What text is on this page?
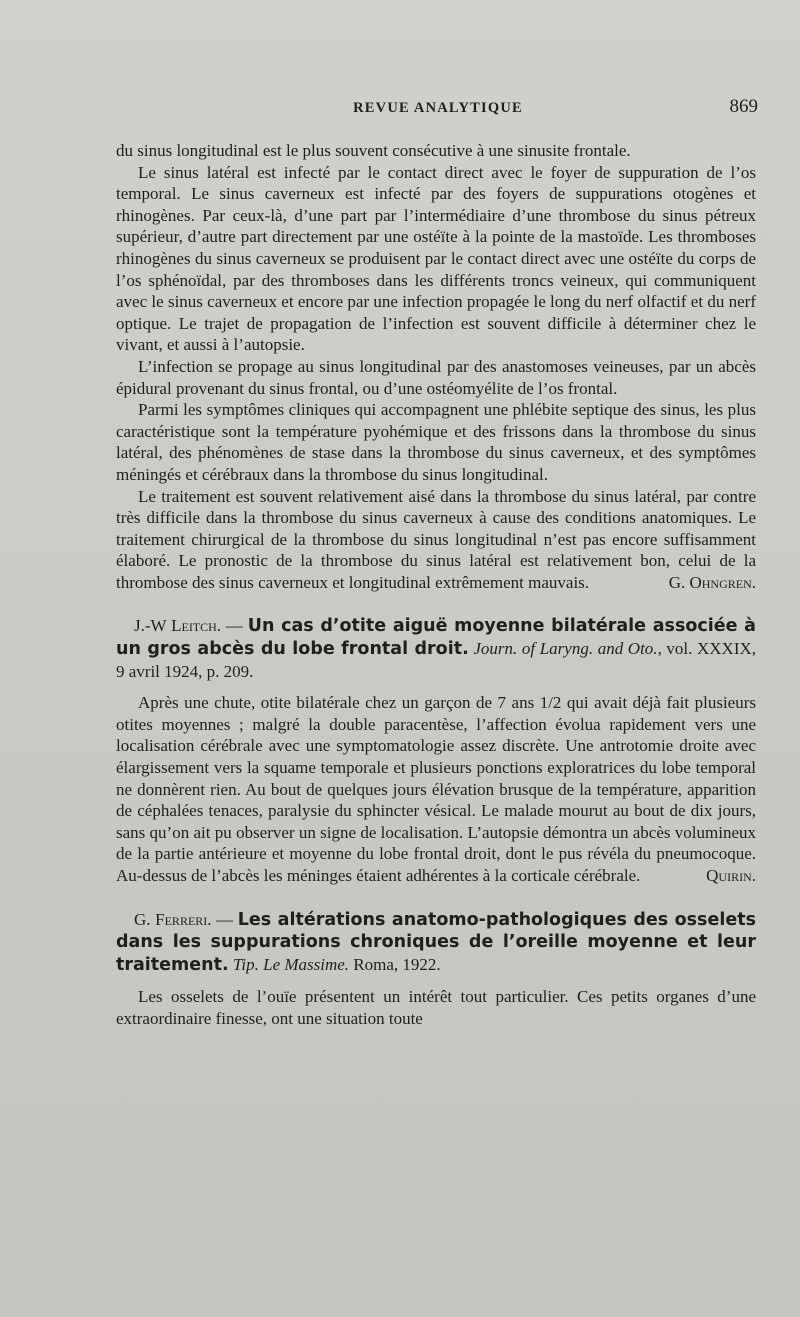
REVUE ANALYTIQUE	869

du sinus longitudinal est le plus souvent consécutive à une sinusite frontale.

Le sinus latéral est infecté par le contact direct avec le foyer de suppuration de l’os temporal. Le sinus caverneux est infecté par des foyers de suppurations otogènes et rhinogènes. Par ceux-là, d’une part par l’intermédiaire d’une thrombose du sinus pétreux supérieur, d’autre part directement par une ostéïte à la pointe de la mastoïde. Les thromboses rhinogènes du sinus caverneux se produisent par le contact direct avec une ostéïte du corps de l’os sphénoïdal, par des thromboses dans les différents troncs veineux, qui communiquent avec le sinus caverneux et encore par une infection propagée le long du nerf olfactif et du nerf optique. Le trajet de propagation de l’infection est souvent difficile à déterminer chez le vivant, et aussi à l’autopsie.

L’infection se propage au sinus longitudinal par des anastomoses veineuses, par un abcès épidural provenant du sinus frontal, ou d’une ostéomyélite de l’os frontal.

Parmi les symptômes cliniques qui accompagnent une phlébite septique des sinus, les plus caractéristique sont la température pyohémique et des frissons dans la thrombose du sinus latéral, des phénomènes de stase dans la thrombose du sinus caverneux, et des symptômes méningés et cérébraux dans la thrombose du sinus longitudinal.

Le traitement est souvent relativement aisé dans la thrombose du sinus latéral, par contre très difficile dans la thrombose du sinus caverneux à cause des conditions anatomiques. Le traitement chirurgical de la thrombose du sinus longitudinal n’est pas encore suffisamment élaboré. Le pronostic de la thrombose du sinus latéral est relativement bon, celui de la thrombose des sinus caverneux et longitudinal extrêmement mauvais.	G. Ohngren.

J.-W Leitch. — Un cas d’otite aiguë moyenne bilatérale associée à un gros abcès du lobe frontal droit. Journ. of Laryng. and Oto., vol. XXXIX, 9 avril 1924, p. 209.

Après une chute, otite bilatérale chez un garçon de 7 ans 1/2 qui avait déjà fait plusieurs otites moyennes ; malgré la double paracentèse, l’affection évolua rapidement vers une localisation cérébrale avec une symptomatologie assez discrète. Une antrotomie droite avec élargissement vers la squame temporale et plusieurs ponctions exploratrices du lobe temporal ne donnèrent rien. Au bout de quelques jours élévation brusque de la température, apparition de céphalées tenaces, paralysie du sphincter vésical. Le malade mourut au bout de dix jours, sans qu’on ait pu observer un signe de localisation. L’autopsie démontra un abcès volumineux de la partie antérieure et moyenne du lobe frontal droit, dont le pus révéla du pneumocoque. Au-dessus de l’abcès les méninges étaient adhérentes à la corticale cérébrale.	Quirin.

G. Ferreri. — Les altérations anatomo-pathologiques des osselets dans les suppurations chroniques de l’oreille moyenne et leur traitement. Tip. Le Massime. Roma, 1922.

Les osselets de l’ouïe présentent un intérêt tout particulier. Ces petits organes d’une extraordinaire finesse, ont une situation toute
